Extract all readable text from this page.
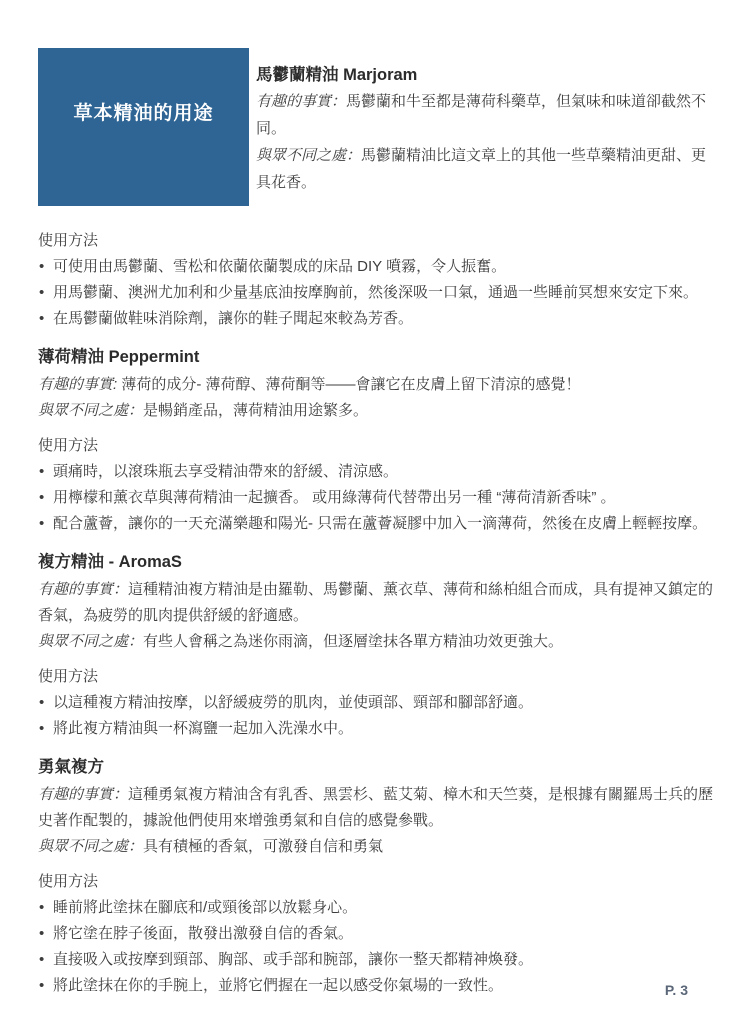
草本精油的用途
馬鬱蘭精油 Marjoram

有趣的事實：馬鬱蘭和牛至都是薄荷科藥草，但氣味和味道卻截然不同。

與眾不同之處：馬鬱蘭精油比這文章上的其他一些草藥精油更甜、更具花香。

使用方法

• 可使用由馬鬱蘭、雪松和依蘭依蘭製成的床品 DIY 噴霧，令人振奮。
• 用馬鬱蘭、澳洲尤加利和少量基底油按摩胸前，然後深吸一口氣，通過一些睡前冥想來安定下來。
• 在馬鬱蘭做鞋味消除劑，讓你的鞋子聞起來較為芳香。
薄荷精油 Peppermint

有趣的事實: 薄荷的成分- 薄荷醇、薄荷酮等——會讓它在皮膚上留下清涼的感覺！

與眾不同之處：是暢銷產品，薄荷精油用途繁多。

使用方法

• 頭痛時，以滾珠瓶去享受精油帶來的舒緩、清涼感。
• 用檸檬和薰衣草與薄荷精油一起擴香。 或用綠薄荷代替帶出另一種 “薄荷清新香味” 。
• 配合蘆薈，讓你的一天充滿樂趣和陽光- 只需在蘆薈凝膠中加入一滴薄荷，然後在皮膚上輕輕按摩。
複方精油 - AromaS

有趣的事實：這種精油複方精油是由羅勒、馬鬱蘭、薰衣草、薄荷和絲柏組合而成，具有提神又鎮定的香氣，為疲勞的肌肉提供舒緩的舒適感。

與眾不同之處：有些人會稱之為迷你雨滴，但逐層塗抹各單方精油功效更強大。

使用方法

• 以這種複方精油按摩，以舒緩疲勞的肌肉，並使頭部、頸部和腳部舒適。
• 將此複方精油與一杯瀉鹽一起加入洗澡水中。
勇氣複方

有趣的事實：這種勇氣複方精油含有乳香、黑雲杉、藍艾菊、樟木和天竺葵，是根據有關羅馬士兵的歷史著作配製的，據說他們使用來增強勇氣和自信的感覺參戰。

與眾不同之處：具有積極的香氣，可激發自信和勇氣

使用方法

• 睡前將此塗抹在腳底和/或頸後部以放鬆身心。
• 將它塗在脖子後面，散發出激發自信的香氣。
• 直接吸入或按摩到頸部、胸部、或手部和腕部，讓你一整天都精神煥發。
• 將此塗抹在你的手腕上，並將它們握在一起以感受你氣場的一致性。	P. 3
